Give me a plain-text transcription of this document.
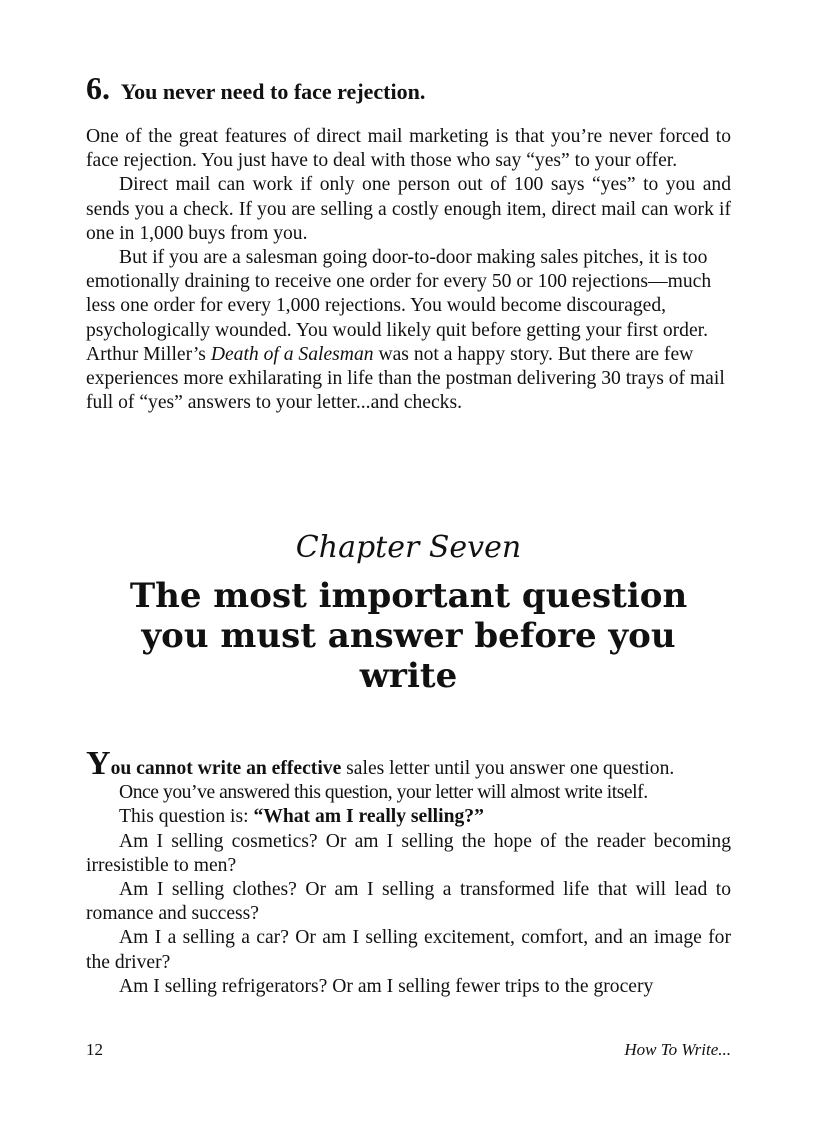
6. You never need to face rejection.

One of the great features of direct mail marketing is that you’re never forced to face rejection. You just have to deal with those who say “yes” to your offer.

Direct mail can work if only one person out of 100 says “yes” to you and sends you a check. If you are selling a costly enough item, direct mail can work if one in 1,000 buys from you.

But if you are a salesman going door-to-door making sales pitches, it is too emotionally draining to receive one order for every 50 or 100 rejections—much less one order for every 1,000 rejections. You would become discouraged, psychologically wounded. You would likely quit before getting your first order. Arthur Miller’s Death of a Salesman was not a happy story. But there are few experiences more exhilarating in life than the postman delivering 30 trays of mail full of “yes” answers to your letter...and checks.

Chapter Seven
The most important question
you must answer before you
write

You cannot write an effective sales letter until you answer one question.

Once you’ve answered this question, your letter will almost write itself.

This question is: “What am I really selling?”

Am I selling cosmetics? Or am I selling the hope of the reader becoming irresistible to men?

Am I selling clothes? Or am I selling a transformed life that will lead to romance and success?

Am I a selling a car? Or am I selling excitement, comfort, and an image for the driver?

Am I selling refrigerators? Or am I selling fewer trips to the grocery

12	How To Write...
